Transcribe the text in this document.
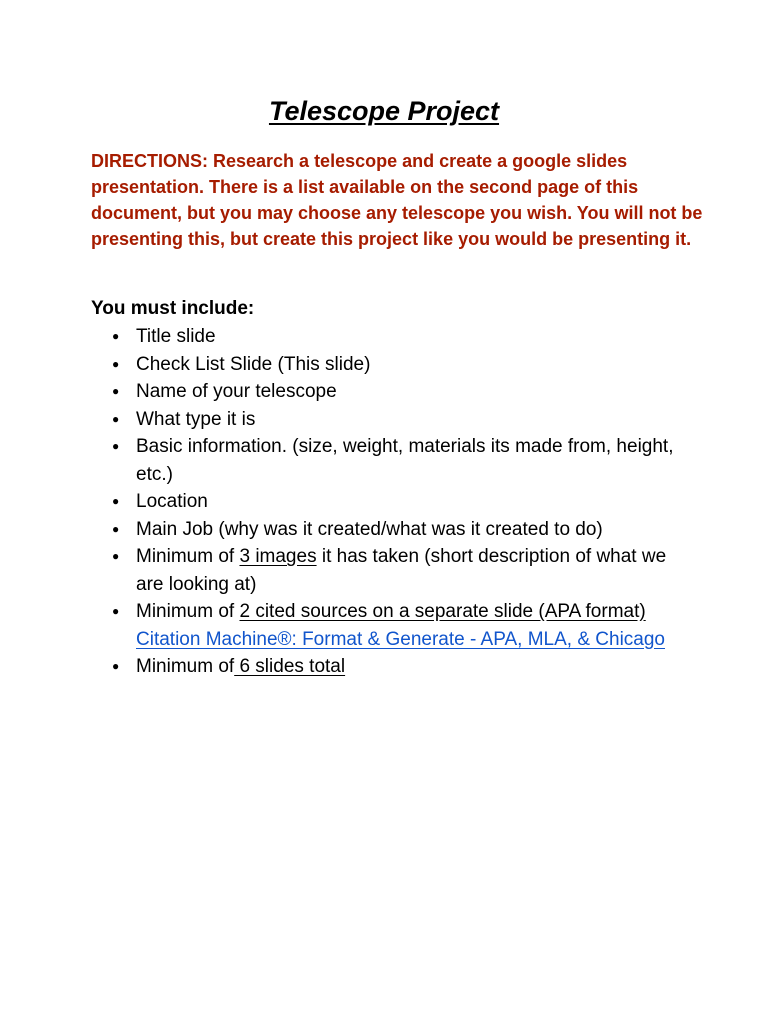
Telescope Project
DIRECTIONS: Research a telescope and create a google slides presentation. There is a list available on the second page of this document, but you may choose any telescope you wish. You will not be presenting this, but create this project like you would be presenting it.
You must include:
● Title slide
● Check List Slide (This slide)
● Name of your telescope
● What type it is
● Basic information. (size, weight, materials its made from, height, etc.)
● Location
● Main Job (why was it created/what was it created to do)
● Minimum of 3 images it has taken (short description of what we are looking at)
● Minimum of 2 cited sources on a separate slide (APA format)
Citation Machine®: Format & Generate - APA, MLA, & Chicago
● Minimum of 6 slides total
